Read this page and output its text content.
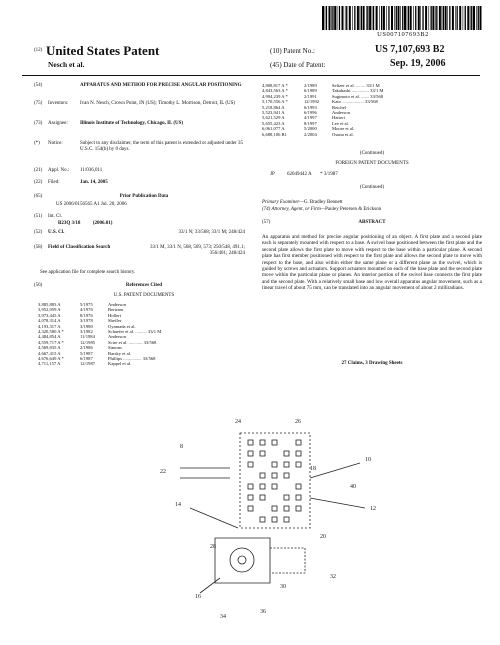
US007107693B2
(12) United States Patent
Nesch et al.
(10) Patent No.:	US 7,107,693 B2
(45) Date of Patent:	Sep. 19, 2006
(54)	APPARATUS AND METHOD FOR PRECISE ANGULAR POSITIONING
(75) Inventors: Ivan N. Nesch, Crown Point, IN (US); Timothy L. Morrison, Detroit, IL (US)
(73) Assignee: Illinois Institute of Technology, Chicago, IL (US)
(*) Notice:	Subject to any disclaimer, the term of this patent is extended or adjusted under 35 U.S.C. 154(b) by 0 days.
(21) Appl. No.: 11/036,011
(22) Filed:	Jan. 14, 2005
(65)	Prior Publication Data
US 2006/0156565 A1 Jul. 20, 2006
(51) Int. Cl.
B23Q 3/18          (2006.01)
(52) U.S. Cl.	33/1 N; 33/568; 33/1 M; 248/424
(58) Field of Classification Search	33/1 M, 33/1 N, 568, 569, 573; 250/548, 491.1; 356/401; 248/424
See application file for complete search history.
(56)	References Cited
U.S. PATENT DOCUMENTS
3,885,883 A	5/1975	Anderson
3,952,959 A	4/1976	Bertram
3,973,445 A	8/1976	Hollert
4,078,314 A	3/1978	Sheffer
4,193,317 A	3/1980	Oyamada et al.
4,320,580 A *	3/1982	Schaefer et al. .......... 33/1 M
4,484,854 A	11/1984	Anderson
4,559,717 A *	12/1985	Scire et al. ............ 33/568
4,569,835 A	2/1986	Simons
4,667,415 A	5/1987	Barsky et al.
4,676,649 A *	6/1987	Phillips ................ 33/568
4,711,157 A	12/1987	Kappel et al.
4,808,817 A *	2/1989	Seltzer et al. ........ 33/1 M
4,843,563 A *	6/1989	Takahashi ............... 33/1 M
4,994,239 A *	2/1991	Sugimoto et al. ....... 33/568
5,170,556 A *	12/1992	Kato ................... 33/568
5,218,864 A	6/1993	Reichel
5,523,941 A	6/1996	Anderson
5,621,529 A	4/1997	Hattori
5,655,423 A	8/1997	Lee et al.
6,061,077 A	5/2000	Moore et al.
6,688,106 B1	2/2004	Osuna et al.
(Continued)
FOREIGN PATENT DOCUMENTS
JP          62049442 A       * 3/1987
(Continued)
Primary Examiner—G. Bradley Bennett
(74) Attorney, Agent, or Firm—Pauley Petersen & Erickson
(57)	ABSTRACT
An apparatus and method for precise angular positioning of an object. A first plate and a second plate each is separately mounted with respect to a base. A swivel base positioned between the first plate and the second plate allows the first plate to move with respect to the base within a particular plane. A second plate has first member positioned with respect to the first plate and allows the second plate to move with respect to the base, and also within either the same plane or a different plane as the swivel, which is guided by screws and actuators. Support actuators mounted on each of the base plate and the second plate move within the particular plane or planes. An interior portion of the swivel base connects the first plate and the second plate. With a relatively small base and low overall apparatus angular movement, such as a linear travel of about 75 mm, can be translated into an angular movement of about 2 milliradians.
27 Claims, 3 Drawing Sheets
8
10
12
14
16
18
20
22
24	26
28
30
32
34
36
40
